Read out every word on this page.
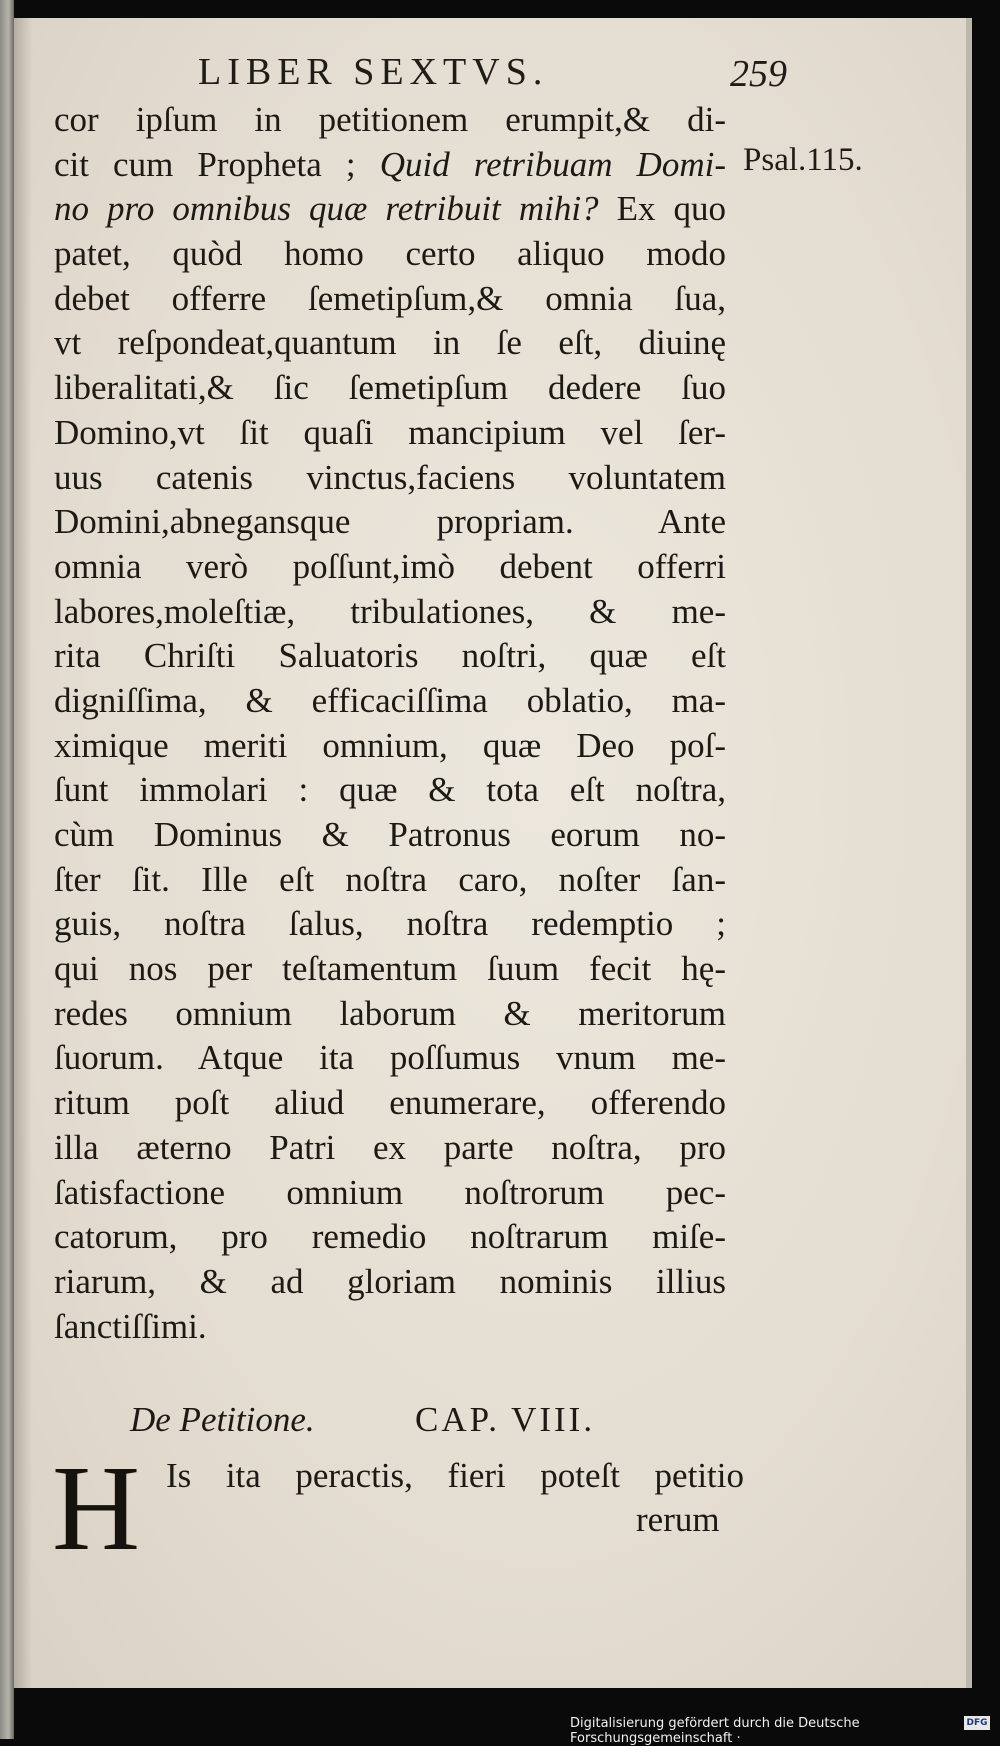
LIBER SEXTVS.	259
Psal.115.
cor ipſum in petitionem erumpit,& di-
cit cum Propheta ; Quid retribuam Domi-
no pro omnibus quæ retribuit mihi? Ex quo
patet, quòd homo certo aliquo modo
debet offerre ſemetipſum,& omnia ſua,
vt reſpondeat,quantum in ſe eſt, diuinę
liberalitati,& ſic ſemetipſum dedere ſuo
Domino,vt ſit quaſi mancipium vel ſer-
uus catenis vinctus,faciens voluntatem
Domini,abnegansque propriam. Ante
omnia verò poſſunt,imò debent offerri
labores,moleſtiæ, tribulationes, & me-
rita Chriſti Saluatoris noſtri, quæ eſt
digniſſima, & efficaciſſima oblatio, ma-
ximique meriti omnium, quæ Deo poſ-
ſunt immolari : quæ & tota eſt noſtra,
cùm Dominus & Patronus eorum no-
ſter ſit. Ille eſt noſtra caro, noſter ſan-
guis, noſtra ſalus, noſtra redemptio ;
qui nos per teſtamentum ſuum fecit hę-
redes omnium laborum & meritorum
ſuorum. Atque ita poſſumus vnum me-
ritum poſt aliud enumerare, offerendo
illa æterno Patri ex parte noſtra, pro
ſatisfactione omnium noſtrorum pec-
catorum, pro remedio noſtrarum miſe-
riarum, & ad gloriam nominis illius
ſanctiſſimi.
De Petitione.	CAP. VIII.
H Is ita peractis, fieri poteſt petitio
rerum
Digitalisierung gefördert durch die Deutsche Forschungsgemeinschaft ·
DFG
